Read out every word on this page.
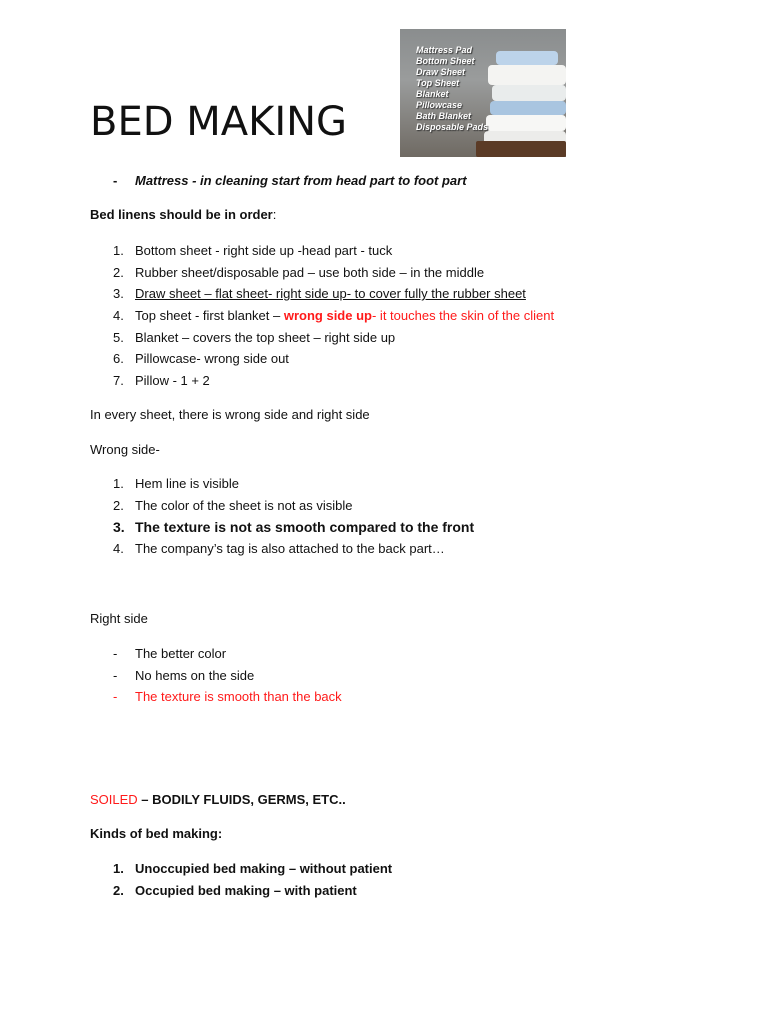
BED MAKING
Mattress Pad
Bottom Sheet
Draw Sheet
Top Sheet
Blanket
Pillowcase
Bath Blanket
Disposable Pads
- Mattress - in cleaning start from head part to foot part
Bed linens should be in order:
1. Bottom sheet - right side up -head part - tuck
2. Rubber sheet/disposable pad – use both side – in the middle
3. Draw sheet – flat sheet- right side up- to cover fully the rubber sheet
4. Top sheet - first blanket – wrong side up- it touches the skin of the client
5. Blanket – covers the top sheet – right side up
6. Pillowcase- wrong side out
7. Pillow - 1 + 2
In every sheet, there is wrong side and right side
Wrong side-
1. Hem line is visible
2. The color of the sheet is not as visible
3. The texture is not as smooth compared to the front
4. The company’s tag is also attached to the back part…
Right side
- The better color
- No hems on the side
- The texture is smooth than the back
SOILED – BODILY FLUIDS, GERMS, ETC..
Kinds of bed making:
1. Unoccupied bed making – without patient
2. Occupied bed making – with patient
